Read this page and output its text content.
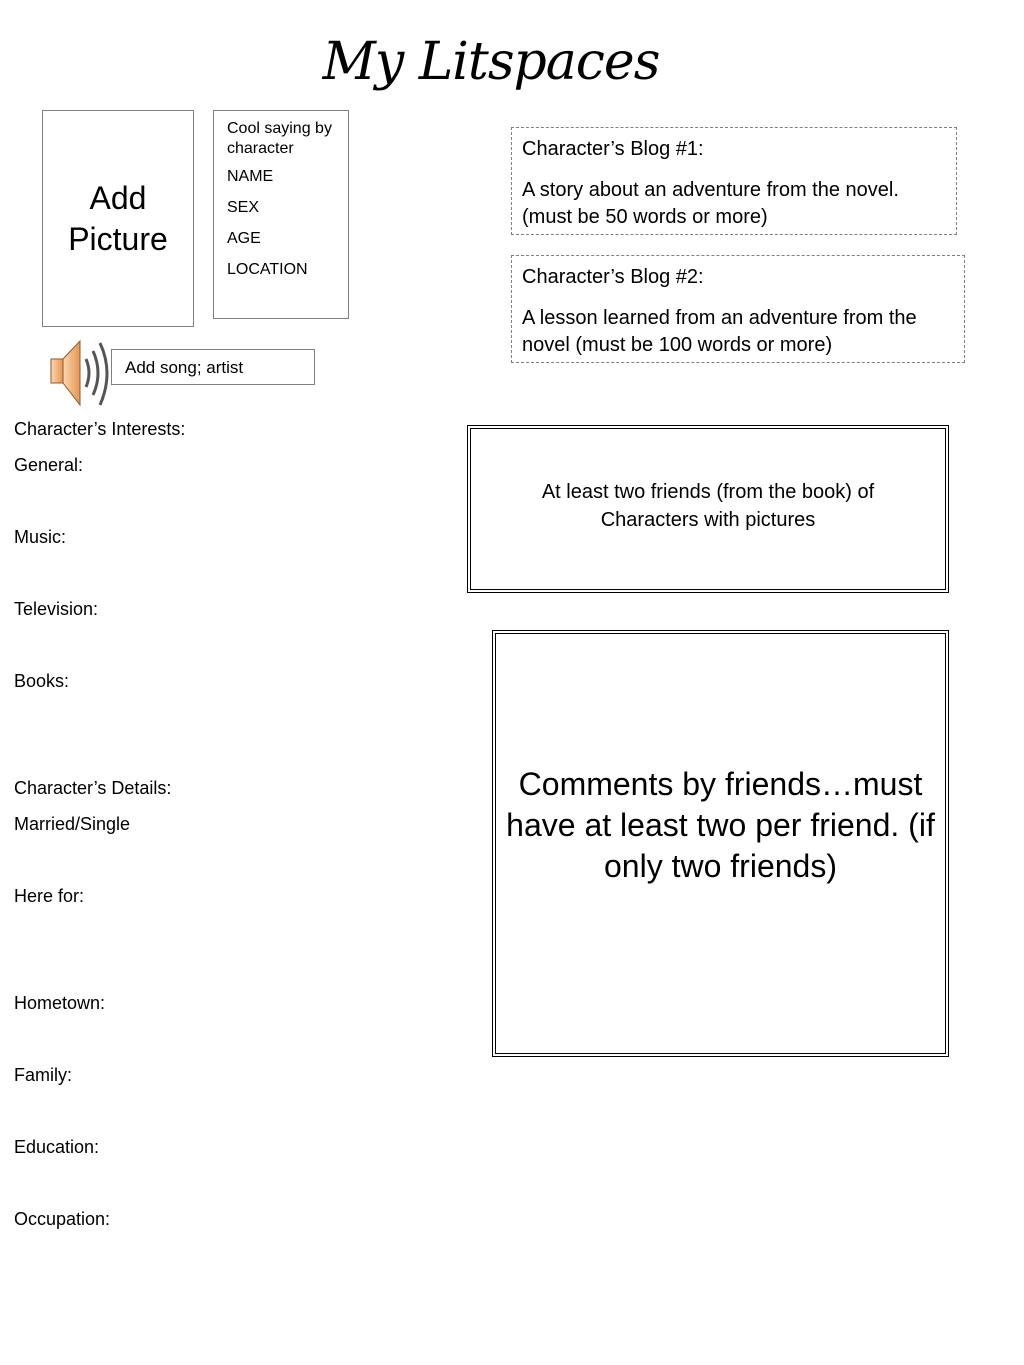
My Litspaces
Add Picture
Cool saying by character
NAME
SEX
AGE
LOCATION
Add song; artist
Character’s Blog #1:
A story about an adventure from the novel. (must be 50 words or more)
Character’s Blog #2:
A lesson learned from an adventure from the novel (must be 100 words or more)
At least two friends (from the book) of Characters with pictures
Comments by friends…must have at least two per friend. (if only two friends)
Character’s Interests:
General:
Music:
Television:
Books:
Character’s Details:
Married/Single
Here for:
Hometown:
Family:
Education:
Occupation:
